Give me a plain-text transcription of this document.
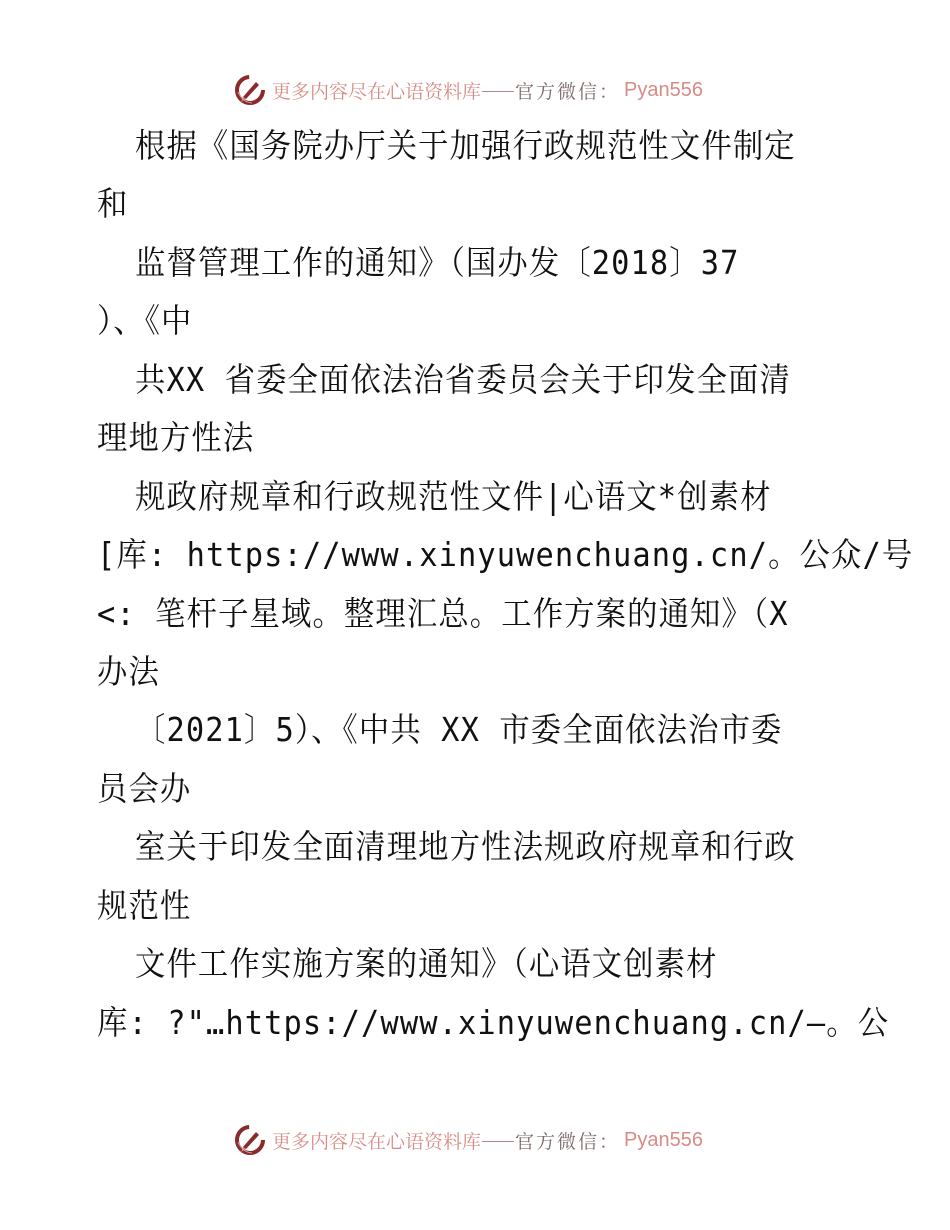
更多内容尽在心语资料库 官方微信： Pyan556
根据《国务院办厅关于加强行政规范性文件制定
和
监督管理工作的通知》（国办发〔2018〕37
）、《中
共XX 省委全面依法治省委员会关于印发全面清
理地方性法
规政府规章和行政规范性文件|心语文*创素材
[库: https://www.xinyuwenchuang.cn/。公众/号
<: 笔杆子星域。整理汇总。工作方案的通知》（X
办法
〔2021〕5）、《中共 XX 市委全面依法治市委
员会办
室关于印发全面清理地方性法规政府规章和行政
规范性
文件工作实施方案的通知》（心语文创素材
库: ?"…https://www.xinyuwenchuang.cn/—。公
更多内容尽在心语资料库 官方微信： Pyan556
